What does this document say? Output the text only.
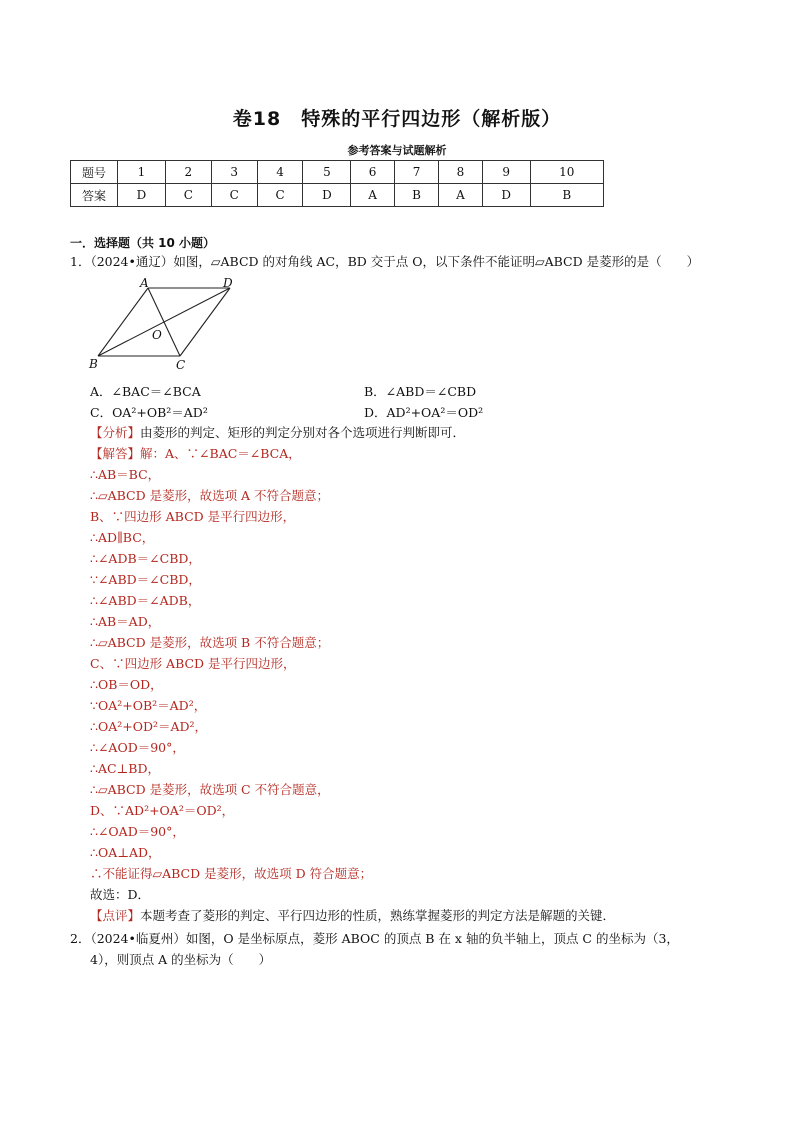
卷18　特殊的平行四边形（解析版）
参考答案与试题解析
题号	1	2	3	4	5	6	7	8	9	10
答案	D	C	C	C	D	A	B	A	D	B
一．选择题（共 10 小题）
1．（2024•通辽）如图，▱ABCD 的对角线 AC，BD 交于点 O，以下条件不能证明▱ABCD 是菱形的是（　　）
A	D
B	C
O
A．∠BAC＝∠BCA	B．∠ABD＝∠CBD
C．OA²+OB²＝AD²	D．AD²+OA²＝OD²
【分析】由菱形的判定、矩形的判定分别对各个选项进行判断即可．
【解答】解：A、∵∠BAC＝∠BCA，
∴AB＝BC，
∴▱ABCD 是菱形，故选项 A 不符合题意；
B、∵四边形 ABCD 是平行四边形，
∴AD∥BC，
∴∠ADB＝∠CBD，
∵∠ABD＝∠CBD，
∴∠ABD＝∠ADB，
∴AB＝AD，
∴▱ABCD 是菱形，故选项 B 不符合题意；
C、∵四边形 ABCD 是平行四边形，
∴OB＝OD，
∵OA²+OB²＝AD²，
∴OA²+OD²＝AD²，
∴∠AOD＝90°，
∴AC⊥BD，
∴▱ABCD 是菱形，故选项 C 不符合题意，
D、∵AD²+OA²＝OD²，
∴∠OAD＝90°，
∴OA⊥AD，
∴不能证得▱ABCD 是菱形，故选项 D 符合题意；
故选：D．
【点评】本题考查了菱形的判定、平行四边形的性质，熟练掌握菱形的判定方法是解题的关键．
2．（2024•临夏州）如图，O 是坐标原点，菱形 ABOC 的顶点 B 在 x 轴的负半轴上，顶点 C 的坐标为（3，
4），则顶点 A 的坐标为（　　）
